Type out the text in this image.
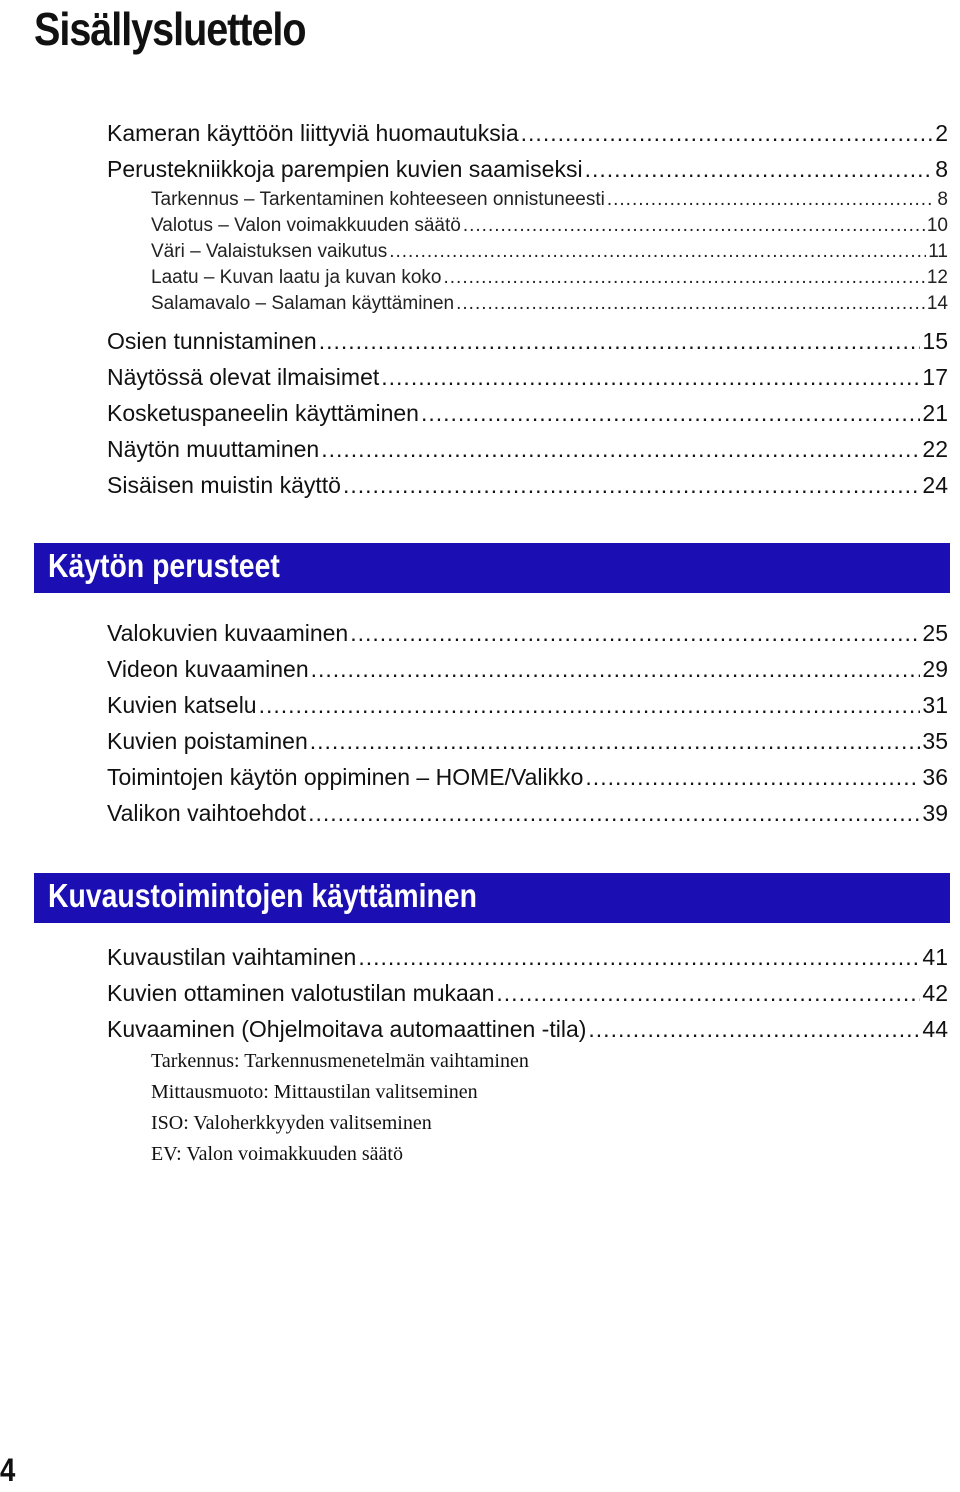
Sisällysluettelo
Kameran käyttöön liittyviä huomautuksia .....	2
Perustekniikkoja parempien kuvien saamiseksi .....	8
Tarkennus – Tarkentaminen kohteeseen onnistuneesti .....	8
Valotus – Valon voimakkuuden säätö .....	10
Väri – Valaistuksen vaikutus .....	11
Laatu – Kuvan laatu ja kuvan koko .....	12
Salamavalo – Salaman käyttäminen .....	14
Osien tunnistaminen .....	15
Näytössä olevat ilmaisimet .....	17
Kosketuspaneelin käyttäminen .....	21
Näytön muuttaminen .....	22
Sisäisen muistin käyttö .....	24
Käytön perusteet
Valokuvien kuvaaminen .....	25
Videon kuvaaminen .....	29
Kuvien katselu .....	31
Kuvien poistaminen .....	35
Toimintojen käytön oppiminen – HOME/Valikko .....	36
Valikon vaihtoehdot .....	39
Kuvaustoimintojen käyttäminen
Kuvaustilan vaihtaminen .....	41
Kuvien ottaminen valotustilan mukaan .....	42
Kuvaaminen (Ohjelmoitava automaattinen -tila) .....	44
Tarkennus: Tarkennusmenetelmän vaihtaminen
Mittausmuoto: Mittaustilan valitseminen
ISO: Valoherkkyyden valitseminen
EV: Valon voimakkuuden säätö
4
